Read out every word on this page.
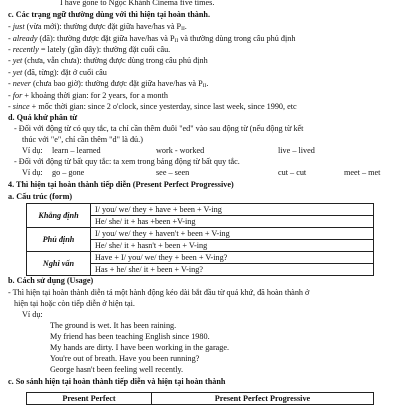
I have gone to Ngọc Khánh Cinema five times.
c. Các trạng ngữ thường dùng với thì hiện tại hoàn thành.
- just (vừa mới): thường được đặt giữa have/has và $P_{II}$.
- already (đã): thường được đặt giữa have/has và $P_{II}$ và thường dùng trong câu phủ định
- recently = lately (gần đây): thường đặt cuối câu.
- yet (chưa, vẫn chưa): thường được dùng trong câu phủ định
- yet (đã, từng): đặt ở cuối câu
- never (chưa bao giờ): thường được đặt giữa have/has và $P_{II}$.
- for + khoảng thời gian: for 2 years, for a month
- since + mốc thời gian: since 2 o'clock, since yesterday, since last week, since 1990, etc
d. Quá khứ phân từ
- Đối với động từ có quy tắc, ta chỉ cần thêm đuôi "ed" vào sau động từ (nếu động từ kết
thúc với "e", chỉ cần thêm "d" là đủ.)
Ví dụ: learn – learned	work - worked	live – lived
- Đối với động từ bất quy tắc: ta xem trong bảng động từ bất quy tắc.
Ví dụ: go – gone	see – seen	cut – cut	meet – met
4. Thì hiện tại hoàn thành tiếp diễn (Present Perfect Progressive)
a. Cấu trúc (form)
Khẳng định	I/ you/ we/ they + have + been + V-ing
	He/ she/ it + has +been +V-ing
Phủ định	I/ you/ we/ they + haven't + been + V-ing
	He/ she/ it + hasn't + been + V-ing
Nghi vấn	Have + I/ you/ we/ they + been + V-ing?
	Has + he/ she/ it + been + V-ing?
b. Cách sử dụng (Usage)
- Thì hiện tại hoàn thành diễn tả một hành động kéo dài bắt đầu từ quá khứ, đã hoàn thành ở
hiện tại hoặc còn tiếp diễn ở hiện tại.
Ví dụ:
The ground is wet. It has been raining.
My friend has been teaching English since 1980.
My hands are dirty. I have been working in the garage.
You're out of breath. Have you been running?
George hasn't been feeling well recently.
c. So sánh hiện tại hoàn thành tiếp diễn và hiện tại hoàn thành
Present Perfect	Present Perfect Progressive
